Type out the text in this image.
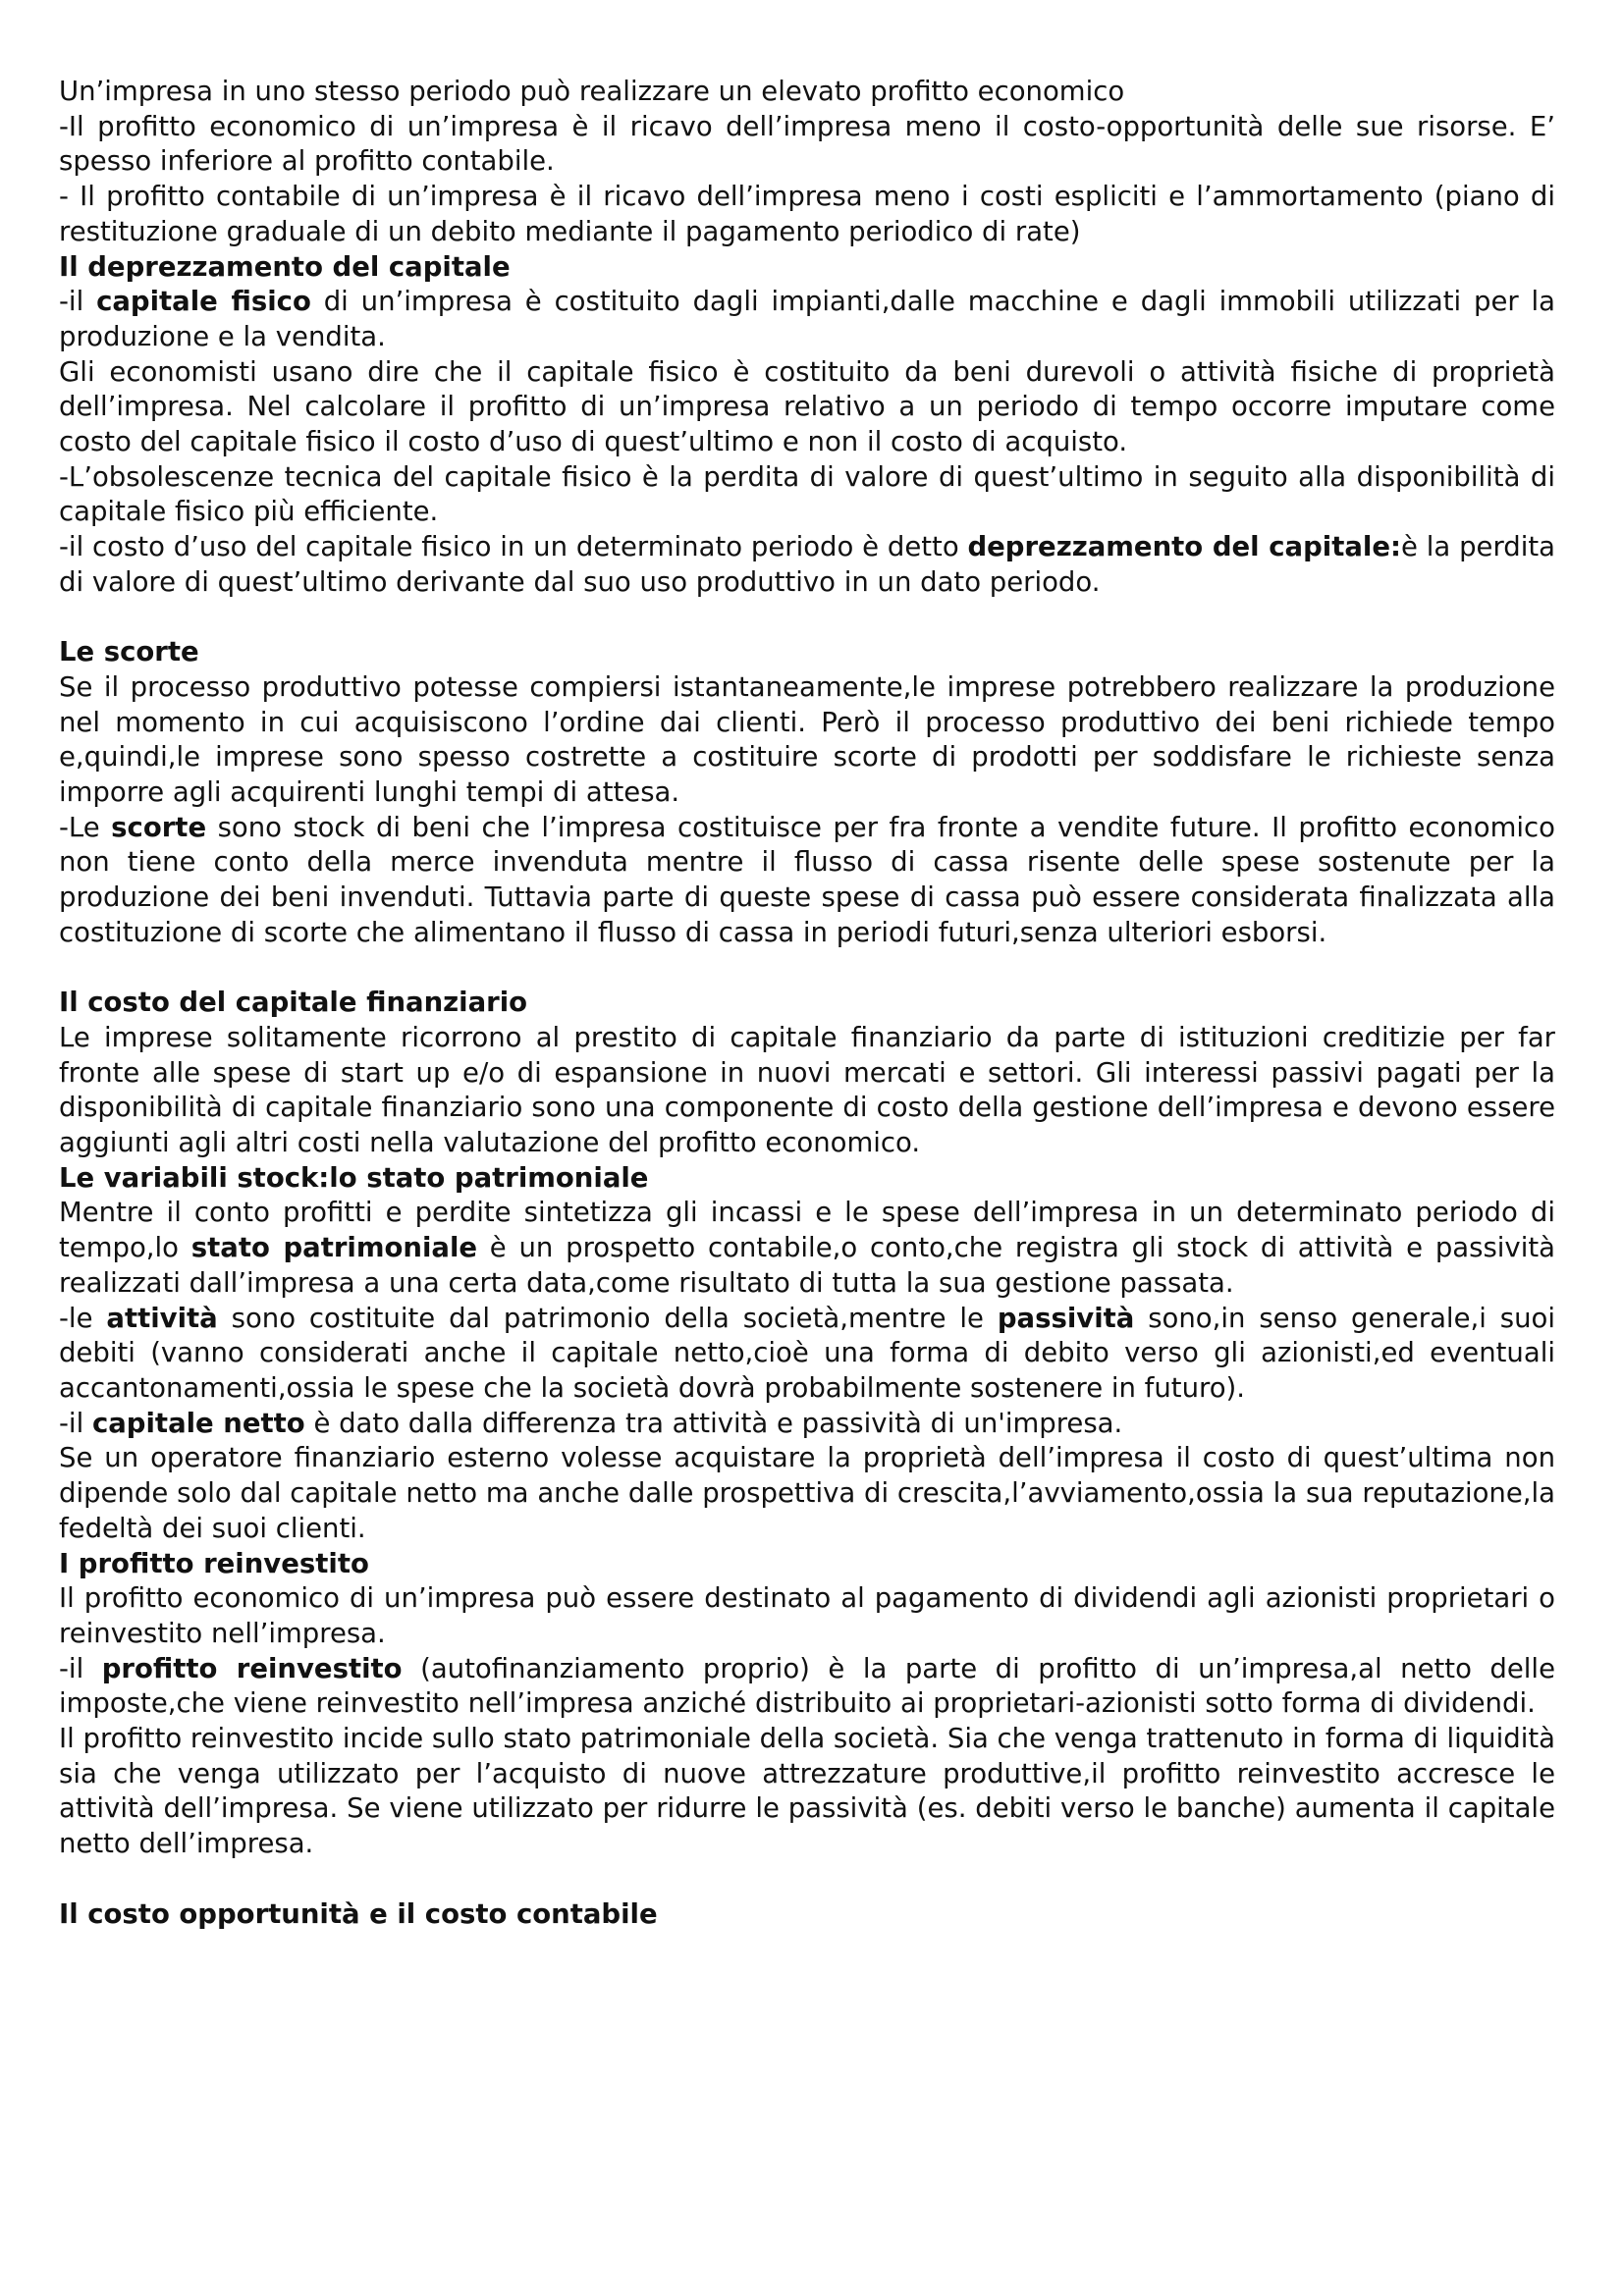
Un’impresa in uno stesso periodo può realizzare un elevato profitto economico

-Il profitto economico di un’impresa è il ricavo dell’impresa meno il costo-opportunità delle sue risorse. E’ spesso inferiore al profitto contabile.

- Il profitto contabile di un’impresa è il ricavo dell’impresa meno i costi espliciti e l’ammortamento (piano di restituzione graduale di un debito mediante il pagamento periodico di rate)

Il deprezzamento del capitale

-il capitale fisico di un’impresa è costituito dagli impianti,dalle macchine e dagli immobili utilizzati per la produzione e la vendita.

Gli economisti usano dire che il capitale fisico è costituito da beni durevoli o attività fisiche di proprietà dell’impresa. Nel calcolare il profitto di un’impresa relativo a un periodo di tempo occorre imputare come costo del capitale fisico il costo d’uso di quest’ultimo e non il costo di acquisto.

-L’obsolescenze tecnica del capitale fisico è la perdita di valore di quest’ultimo in seguito alla disponibilità di capitale fisico più efficiente.

-il costo d’uso del capitale fisico in un determinato periodo è detto deprezzamento del capitale:è la perdita di valore di quest’ultimo derivante dal suo uso produttivo in un dato periodo.

Le scorte

Se il processo produttivo potesse compiersi istantaneamente,le imprese potrebbero realizzare la produzione nel momento in cui acquisiscono l’ordine dai clienti. Però il processo produttivo dei beni richiede tempo e,quindi,le imprese sono spesso costrette a costituire scorte di prodotti per soddisfare le richieste senza imporre agli acquirenti lunghi tempi di attesa.

-Le scorte sono stock di beni che l’impresa costituisce per fra fronte a vendite future. Il profitto economico non tiene conto della merce invenduta mentre il flusso di cassa risente delle spese sostenute per la produzione dei beni invenduti. Tuttavia parte di queste spese di cassa può essere considerata finalizzata alla costituzione di scorte che alimentano il flusso di cassa in periodi futuri,senza ulteriori esborsi.

Il costo del capitale finanziario

Le imprese solitamente ricorrono al prestito di capitale finanziario da parte di istituzioni creditizie per far fronte alle spese di start up e/o di espansione in nuovi mercati e settori. Gli interessi passivi pagati per la disponibilità di capitale finanziario sono una componente di costo della gestione dell’impresa e devono essere aggiunti agli altri costi nella valutazione del profitto economico.

Le variabili stock:lo stato patrimoniale

Mentre il conto profitti e perdite sintetizza gli incassi e le spese dell’impresa in un determinato periodo di tempo,lo stato patrimoniale è un prospetto contabile,o conto,che registra gli stock di attività e passività realizzati dall’impresa a una certa data,come risultato di tutta la sua gestione passata.

-le attività sono costituite dal patrimonio della società,mentre le passività sono,in senso generale,i suoi debiti (vanno considerati anche il capitale netto,cioè una forma di debito verso gli azionisti,ed eventuali accantonamenti,ossia le spese che la società dovrà probabilmente sostenere in futuro).

-il capitale netto è dato dalla differenza tra attività e passività di un'impresa.

Se un operatore finanziario esterno volesse acquistare la proprietà dell’impresa il costo di quest’ultima non dipende solo dal capitale netto ma anche dalle prospettiva di crescita,l’avviamento,ossia la sua reputazione,la fedeltà dei suoi clienti.

I profitto reinvestito

Il profitto economico di un’impresa può essere destinato al pagamento di dividendi agli azionisti proprietari o reinvestito nell’impresa.

-il profitto reinvestito (autofinanziamento proprio) è la parte di profitto di un’impresa,al netto delle imposte,che viene reinvestito nell’impresa anziché distribuito ai proprietari-azionisti sotto forma di dividendi.

Il profitto reinvestito incide sullo stato patrimoniale della società. Sia che venga trattenuto in forma di liquidità sia che venga utilizzato per l’acquisto di nuove attrezzature produttive,il profitto reinvestito accresce le attività dell’impresa. Se viene utilizzato per ridurre le passività (es. debiti verso le banche) aumenta il capitale netto dell’impresa.

Il costo opportunità e il costo contabile
